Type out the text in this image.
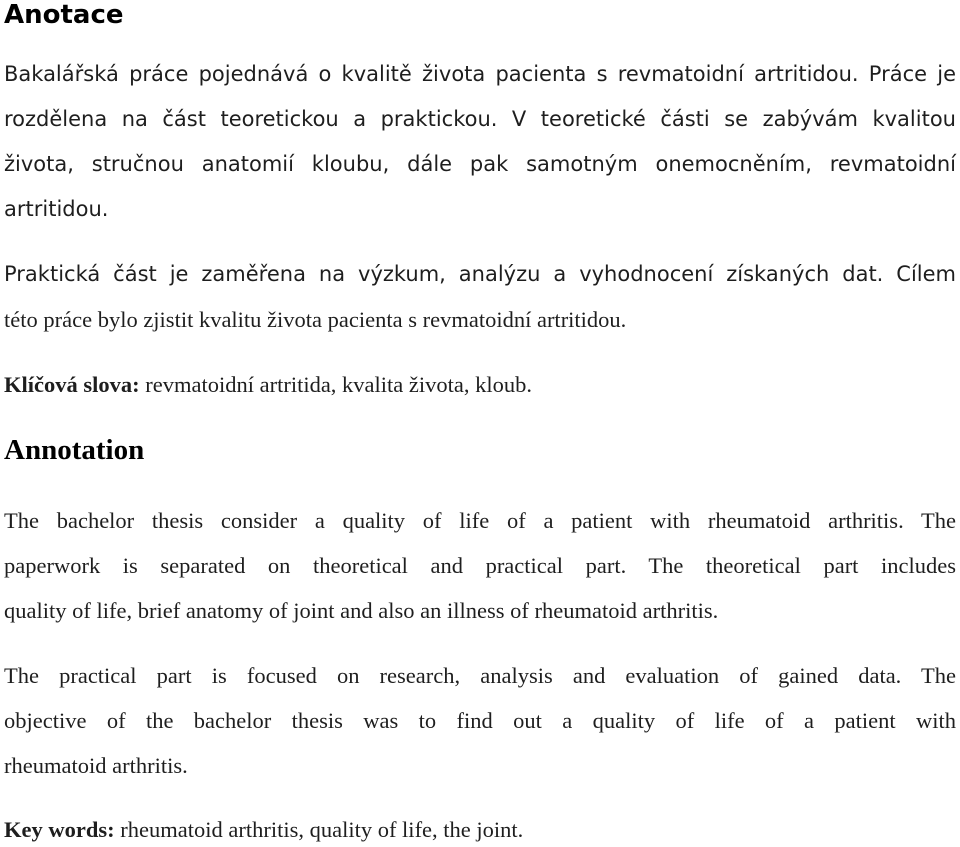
Anotace

Bakalářská práce pojednává o kvalitě života pacienta s revmatoidní artritidou. Práce je

rozdělena na část teoretickou a praktickou. V teoretické části se zabývám kvalitou

života, stručnou anatomií kloubu, dále pak samotným onemocněním, revmatoidní

artritidou.

Praktická část je zaměřena na výzkum, analýzu a vyhodnocení získaných dat. Cílem

této práce bylo zjistit kvalitu života pacienta s revmatoidní artritidou.

Klíčová slova: revmatoidní artritida, kvalita života, kloub.

Annotation

The bachelor thesis consider a quality of life of a patient with rheumatoid arthritis. The

paperwork is separated on theoretical and practical part. The theoretical part includes

quality of life, brief anatomy of joint and also an illness of rheumatoid arthritis.

The practical part is focused on research, analysis and evaluation of gained data. The

objective of the bachelor thesis was to find out a quality of life of a patient with

rheumatoid arthritis.

Key words: rheumatoid arthritis, quality of life, the joint.
